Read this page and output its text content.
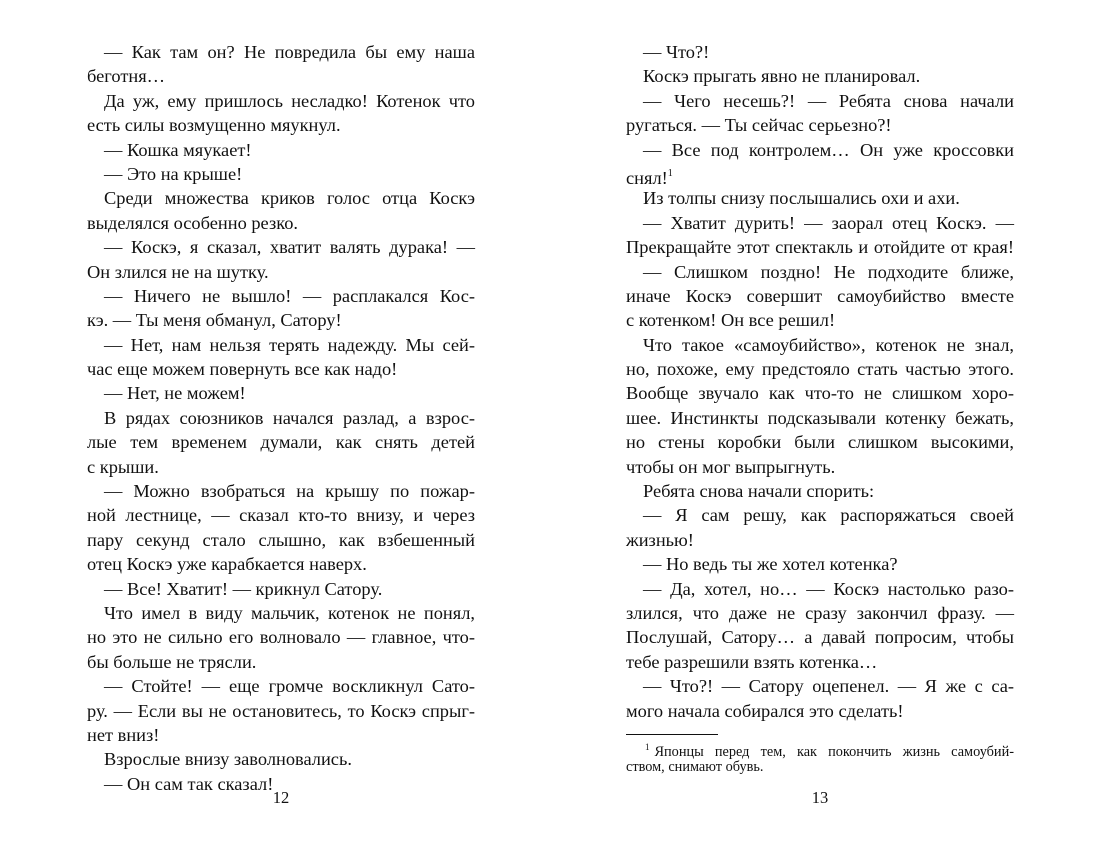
— Как там он? Не повредила бы ему наша
беготня…
Да уж, ему пришлось несладко! Котенок что
есть силы возмущенно мяукнул.
— Кошка мяукает!
— Это на крыше!
Среди множества криков голос отца Коскэ
выделялся особенно резко.
— Коскэ, я сказал, хватит валять дурака! —
Он злился не на шутку.
— Ничего не вышло! — расплакался Кос-
кэ. — Ты меня обманул, Сатору!
— Нет, нам нельзя терять надежду. Мы сей-
час еще можем повернуть все как надо!
— Нет, не можем!
В рядах союзников начался разлад, а взрос-
лые тем временем думали, как снять детей
с крыши.
— Можно взобраться на крышу по пожар-
ной лестнице, — сказал кто-то внизу, и через
пару секунд стало слышно, как взбешенный
отец Коскэ уже карабкается наверх.
— Все! Хватит! — крикнул Сатору.
Что имел в виду мальчик, котенок не понял,
но это не сильно его волновало — главное, что-
бы больше не трясли.
— Стойте! — еще громче воскликнул Сато-
ру. — Если вы не остановитесь, то Коскэ спрыг-
нет вниз!
Взрослые внизу заволновались.
— Он сам так сказал!
— Что?!
Коскэ прыгать явно не планировал.
— Чего несешь?! — Ребята снова начали
ругаться. — Ты сейчас серьезно?!
— Все под контролем… Он уже кроссовки
снял!$^1$
Из толпы снизу послышались охи и ахи.
— Хватит дурить! — заорал отец Коскэ. —
Прекращайте этот спектакль и отойдите от края!
— Слишком поздно! Не подходите ближе,
иначе Коскэ совершит самоубийство вместе
с котенком! Он все решил!
Что такое «самоубийство», котенок не знал,
но, похоже, ему предстояло стать частью этого.
Вообще звучало как что-то не слишком хоро-
шее. Инстинкты подсказывали котенку бежать,
но стены коробки были слишком высокими,
чтобы он мог выпрыгнуть.
Ребята снова начали спорить:
— Я сам решу, как распоряжаться своей
жизнью!
— Но ведь ты же хотел котенка?
— Да, хотел, но… — Коскэ настолько разо-
злился, что даже не сразу закончил фразу. —
Послушай, Сатору… а давай попросим, чтобы
тебе разрешили взять котенка…
— Что?! — Сатору оцепенел. — Я же с са-
мого начала собирался это сделать!
$^1$ Японцы перед тем, как покончить жизнь самоубий-
ством, снимают обувь.
12	13
